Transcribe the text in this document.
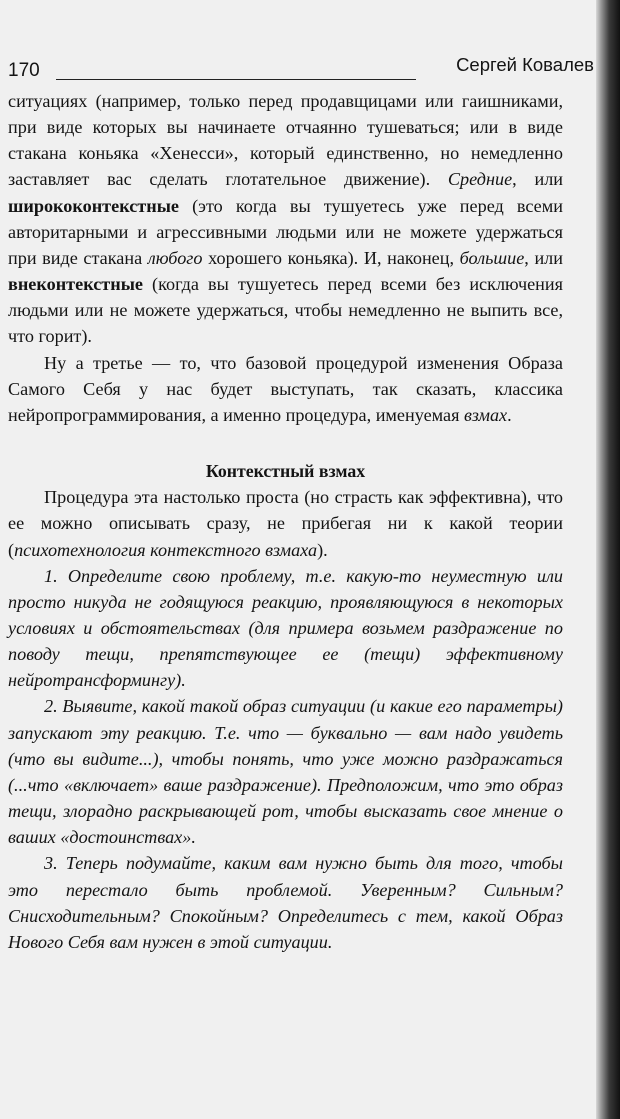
170	Сергей Ковалев

ситуациях (например, только перед продавщицами или гаишниками, при виде которых вы начинаете отчаянно тушеваться; или в виде стакана коньяка «Хенесси», который единственно, но немедленно заставляет вас сделать глотательное движение). Средние, или ширококонтекстные (это когда вы тушуетесь уже перед всеми авторитарными и агрессивными людьми или не можете удержаться при виде стакана любого хорошего коньяка). И, наконец, большие, или внеконтекстные (когда вы тушуетесь перед всеми без исключения людьми или не можете удержаться, чтобы немедленно не выпить все, что горит).

Ну а третье — то, что базовой процедурой изменения Образа Самого Себя у нас будет выступать, так сказать, классика нейропрограммирования, а именно процедура, именуемая взмах.

Контекстный взмах

Процедура эта настолько проста (но страсть как эффективна), что ее можно описывать сразу, не прибегая ни к какой теории (психотехнология контекстного взмаха).

1. Определите свою проблему, т.е. какую-то неуместную или просто никуда не годящуюся реакцию, проявляющуюся в некоторых условиях и обстоятельствах (для примера возьмем раздражение по поводу тещи, препятствующее ее (тещи) эффективному нейротрансформингу).

2. Выявите, какой такой образ ситуации (и какие его параметры) запускают эту реакцию. Т.е. что — буквально — вам надо увидеть (что вы видите...), чтобы понять, что уже можно раздражаться (...что «включает» ваше раздражение). Предположим, что это образ тещи, злорадно раскрывающей рот, чтобы высказать свое мнение о ваших «достоинствах».

3. Теперь подумайте, каким вам нужно быть для того, чтобы это перестало быть проблемой. Уверенным? Сильным? Снисходительным? Спокойным? Определитесь с тем, какой Образ Нового Себя вам нужен в этой ситуации.
